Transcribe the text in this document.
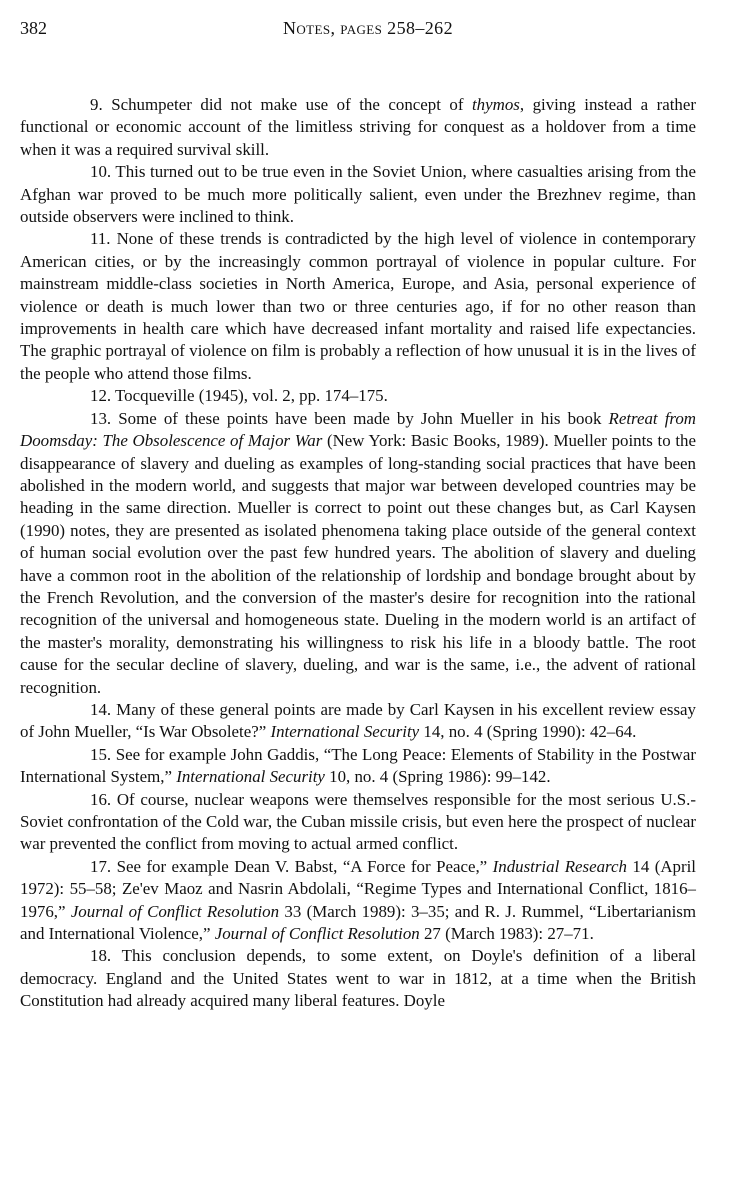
382	Notes, pages 258–262

9. Schumpeter did not make use of the concept of thymos, giving instead a rather functional or economic account of the limitless striving for conquest as a holdover from a time when it was a required survival skill.

10. This turned out to be true even in the Soviet Union, where casualties arising from the Afghan war proved to be much more politically salient, even under the Brezhnev regime, than outside observers were inclined to think.

11. None of these trends is contradicted by the high level of violence in contemporary American cities, or by the increasingly common portrayal of violence in popular culture. For mainstream middle-class societies in North America, Europe, and Asia, personal experience of violence or death is much lower than two or three centuries ago, if for no other reason than improvements in health care which have decreased infant mortality and raised life expectancies. The graphic portrayal of violence on film is probably a reflection of how unusual it is in the lives of the people who attend those films.

12. Tocqueville (1945), vol. 2, pp. 174–175.

13. Some of these points have been made by John Mueller in his book Retreat from Doomsday: The Obsolescence of Major War (New York: Basic Books, 1989). Mueller points to the disappearance of slavery and dueling as examples of long-standing social practices that have been abolished in the modern world, and suggests that major war between developed countries may be heading in the same direction. Mueller is correct to point out these changes but, as Carl Kaysen (1990) notes, they are presented as isolated phenomena taking place outside of the general context of human social evolution over the past few hundred years. The abolition of slavery and dueling have a common root in the abolition of the relationship of lordship and bondage brought about by the French Revolution, and the conversion of the master's desire for recognition into the rational recognition of the universal and homogeneous state. Dueling in the modern world is an artifact of the master's morality, demonstrating his willingness to risk his life in a bloody battle. The root cause for the secular decline of slavery, dueling, and war is the same, i.e., the advent of rational recognition.

14. Many of these general points are made by Carl Kaysen in his excellent review essay of John Mueller, “Is War Obsolete?” International Security 14, no. 4 (Spring 1990): 42–64.

15. See for example John Gaddis, “The Long Peace: Elements of Stability in the Postwar International System,” International Security 10, no. 4 (Spring 1986): 99–142.

16. Of course, nuclear weapons were themselves responsible for the most serious U.S.-Soviet confrontation of the Cold war, the Cuban missile crisis, but even here the prospect of nuclear war prevented the conflict from moving to actual armed conflict.

17. See for example Dean V. Babst, “A Force for Peace,” Industrial Research 14 (April 1972): 55–58; Ze'ev Maoz and Nasrin Abdolali, “Regime Types and International Conflict, 1816–1976,” Journal of Conflict Resolution 33 (March 1989): 3–35; and R. J. Rummel, “Libertarianism and International Violence,” Journal of Conflict Resolution 27 (March 1983): 27–71.

18. This conclusion depends, to some extent, on Doyle's definition of a liberal democracy. England and the United States went to war in 1812, at a time when the British Constitution had already acquired many liberal features. Doyle
